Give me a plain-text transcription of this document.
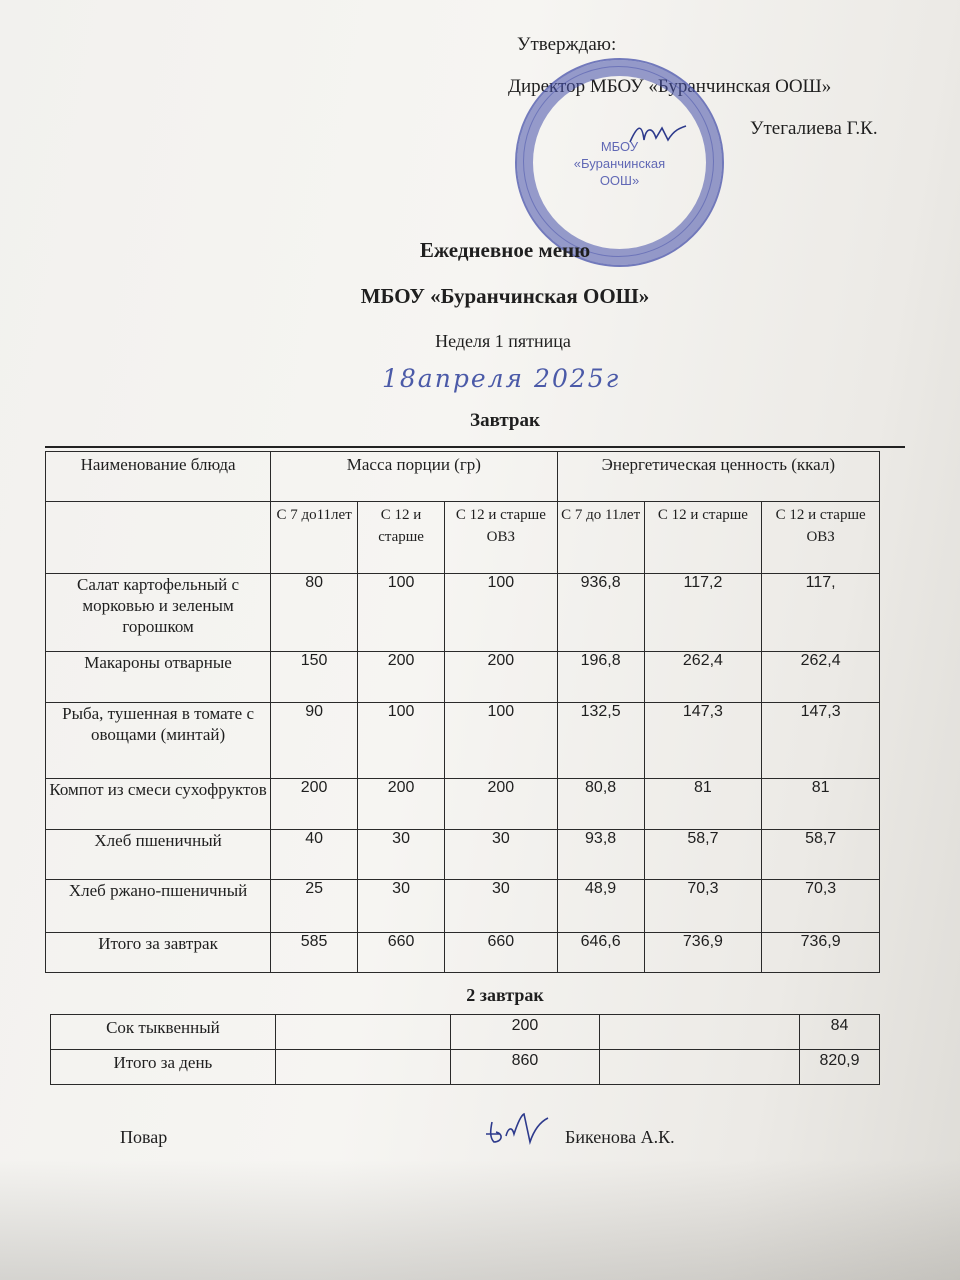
Утверждаю:
Директор МБОУ «Буранчинская ООШ»
Утегалиева Г.К.
МБОУ «Буранчинская ООШ»
Ежедневное меню
МБОУ «Буранчинская ООШ»
Неделя 1 пятница
18апреля 2025г
Завтрак
Наименование блюда	Масса порции (гр)			Энергетическая ценность (ккал)		
	С 7 до11лет	С 12 и старше	С 12 и старше ОВЗ	С 7 до 11лет	С 12 и старше	С 12 и старше ОВЗ
Салат картофельный с морковью и зеленым горошком	80	100	100	936,8	117,2	117,
Макароны отварные	150	200	200	196,8	262,4	262,4
Рыба, тушенная в томате с овощами (минтай)	90	100	100	132,5	147,3	147,3
Компот из смеси сухофруктов	200	200	200	80,8	81	81
Хлеб пшеничный	40	30	30	93,8	58,7	58,7
Хлеб ржано-пшеничный	25	30	30	48,9	70,3	70,3
Итого за завтрак	585	660	660	646,6	736,9	736,9
2 завтрак
Сок тыквенный		200		84
Итого за день		860		820,9
Повар	Бикенова А.К.
